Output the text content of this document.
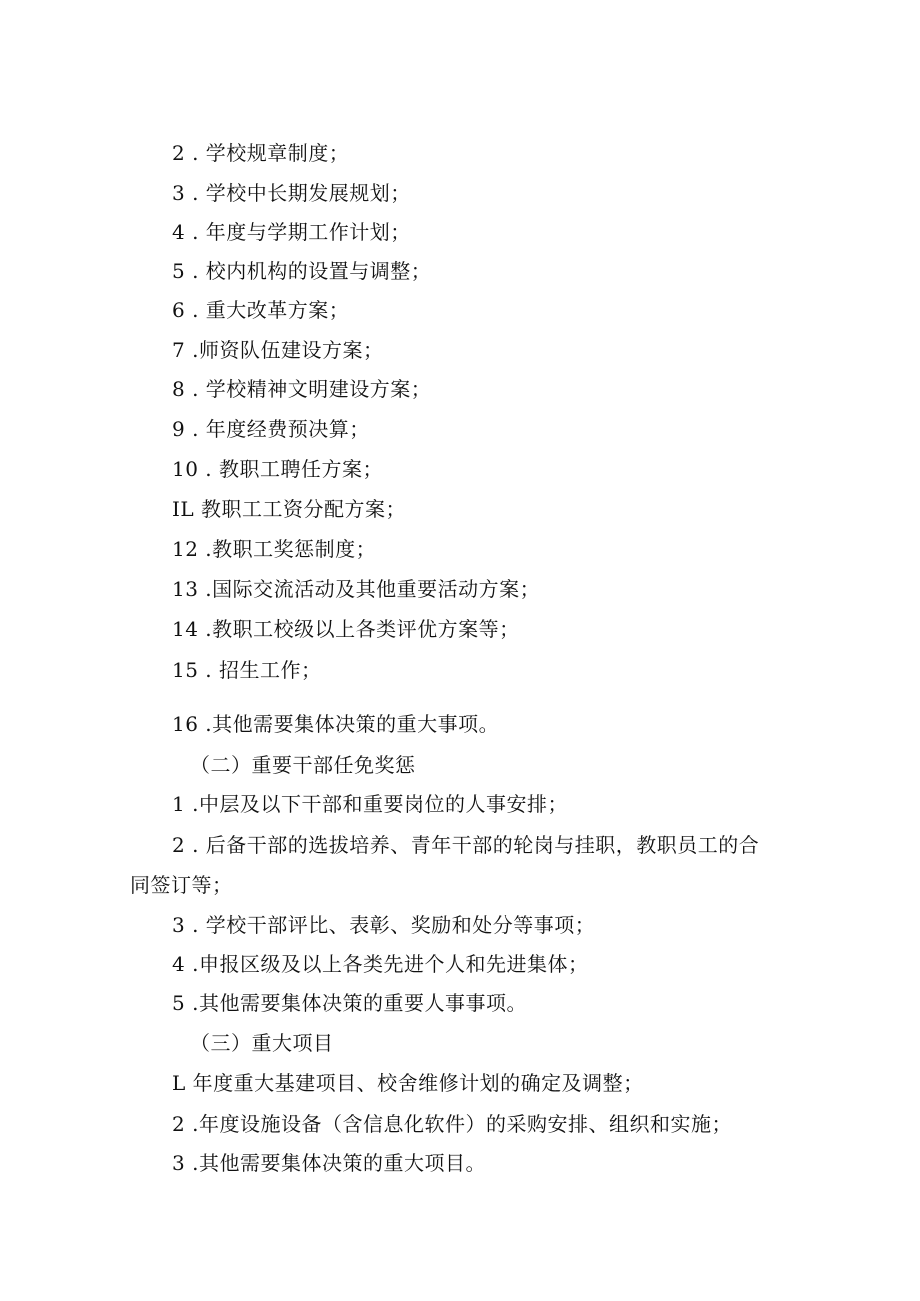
2 . 学校规章制度；
3 . 学校中长期发展规划；
4 . 年度与学期工作计划；
5 . 校内机构的设置与调整；
6 . 重大改革方案；
7 .师资队伍建设方案；
8 . 学校精神文明建设方案；
9 . 年度经费预决算；
10 . 教职工聘任方案；
IL 教职工工资分配方案；
12 .教职工奖惩制度；
13 .国际交流活动及其他重要活动方案；
14 .教职工校级以上各类评优方案等；
15 . 招生工作；
16 .其他需要集体决策的重大事项。
（二）重要干部任免奖惩
1 .中层及以下干部和重要岗位的人事安排；
2 . 后备干部的选拔培养、青年干部的轮岗与挂职，教职员工的合
同签订等；
3 . 学校干部评比、表彰、奖励和处分等事项；
4 .申报区级及以上各类先进个人和先进集体；
5 .其他需要集体决策的重要人事事项。
（三）重大项目
L 年度重大基建项目、校舍维修计划的确定及调整；
2 .年度设施设备（含信息化软件）的采购安排、组织和实施；
3 .其他需要集体决策的重大项目。
